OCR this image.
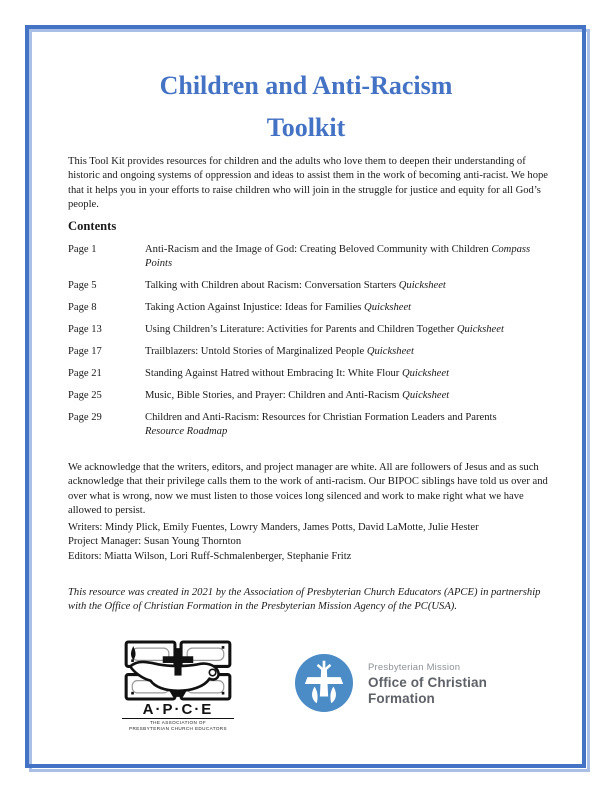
Children and Anti-Racism
Toolkit
This Tool Kit provides resources for children and the adults who love them to deepen their understanding of historic and ongoing systems of oppression and ideas to assist them in the work of becoming anti-racist. We hope that it helps you in your efforts to raise children who will join in the struggle for justice and equity for all God’s people.
Contents
Page 1	Anti-Racism and the Image of God: Creating Beloved Community with Children Compass Points
Page 5	Talking with Children about Racism: Conversation Starters Quicksheet
Page 8	Taking Action Against Injustice: Ideas for Families Quicksheet
Page 13	Using Children’s Literature: Activities for Parents and Children Together Quicksheet
Page 17	Trailblazers: Untold Stories of Marginalized People Quicksheet
Page 21	Standing Against Hatred without Embracing It: White Flour Quicksheet
Page 25	Music, Bible Stories, and Prayer: Children and Anti-Racism Quicksheet
Page 29	Children and Anti-Racism: Resources for Christian Formation Leaders and Parents Resource Roadmap
We acknowledge that the writers, editors, and project manager are white. All are followers of Jesus and as such acknowledge that their privilege calls them to the work of anti-racism. Our BIPOC siblings have told us over and over what is wrong, now we must listen to those voices long silenced and work to make right what we have allowed to persist.
Writers: Mindy Plick, Emily Fuentes, Lowry Manders, James Potts, David LaMotte, Julie Hester
Project Manager: Susan Young Thornton
Editors: Miatta Wilson, Lori Ruff-Schmalenberger, Stephanie Fritz
This resource was created in 2021 by the Association of Presbyterian Church Educators (APCE) in partnership with the Office of Christian Formation in the Presbyterian Mission Agency of the PC(USA).
A·P·C·E
THE ASSOCIATION OF
PRESBYTERIAN CHURCH EDUCATORS
Presbyterian Mission
Office of Christian Formation
